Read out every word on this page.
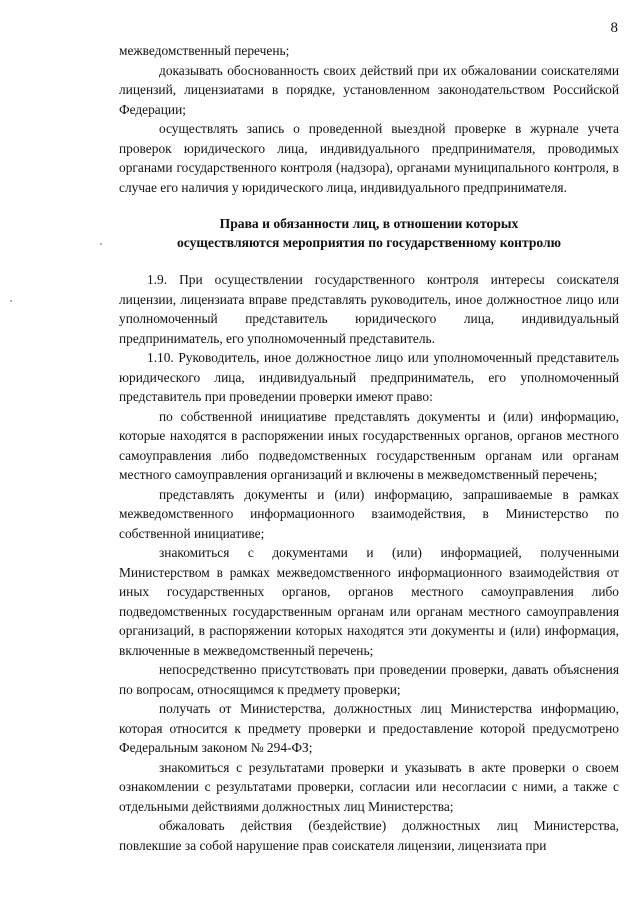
8

межведомственный перечень;

доказывать обоснованность своих действий при их обжаловании соискателями лицензий, лицензиатами в порядке, установленном законодательством Российской Федерации;

осуществлять запись о проведенной выездной проверке в журнале учета проверок юридического лица, индивидуального предпринимателя, проводимых органами государственного контроля (надзора), органами муниципального контроля, в случае его наличия у юридического лица, индивидуального предпринимателя.

Права и обязанности лиц, в отношении которых
осуществляются мероприятия по государственному контролю

1.9. При осуществлении государственного контроля интересы соискателя лицензии, лицензиата вправе представлять руководитель, иное должностное лицо или уполномоченный представитель юридического лица, индивидуальный предприниматель, его уполномоченный представитель.

1.10. Руководитель, иное должностное лицо или уполномоченный представитель юридического лица, индивидуальный предприниматель, его уполномоченный представитель при проведении проверки имеют право:

по собственной инициативе представлять документы и (или) информацию, которые находятся в распоряжении иных государственных органов, органов местного самоуправления либо подведомственных государственным органам или органам местного самоуправления организаций и включены в межведомственный перечень;

представлять документы и (или) информацию, запрашиваемые в рамках межведомственного информационного взаимодействия, в Министерство по собственной инициативе;

знакомиться с документами и (или) информацией, полученными Министерством в рамках межведомственного информационного взаимодействия от иных государственных органов, органов местного самоуправления либо подведомственных государственным органам или органам местного самоуправления организаций, в распоряжении которых находятся эти документы и (или) информация, включенные в межведомственный перечень;

непосредственно присутствовать при проведении проверки, давать объяснения по вопросам, относящимся к предмету проверки;

получать от Министерства, должностных лиц Министерства информацию, которая относится к предмету проверки и предоставление которой предусмотрено Федеральным законом № 294-ФЗ;

знакомиться с результатами проверки и указывать в акте проверки о своем ознакомлении с результатами проверки, согласии или несогласии с ними, а также с отдельными действиями должностных лиц Министерства;

обжаловать действия (бездействие) должностных лиц Министерства, повлекшие за собой нарушение прав соискателя лицензии, лицензиата при
